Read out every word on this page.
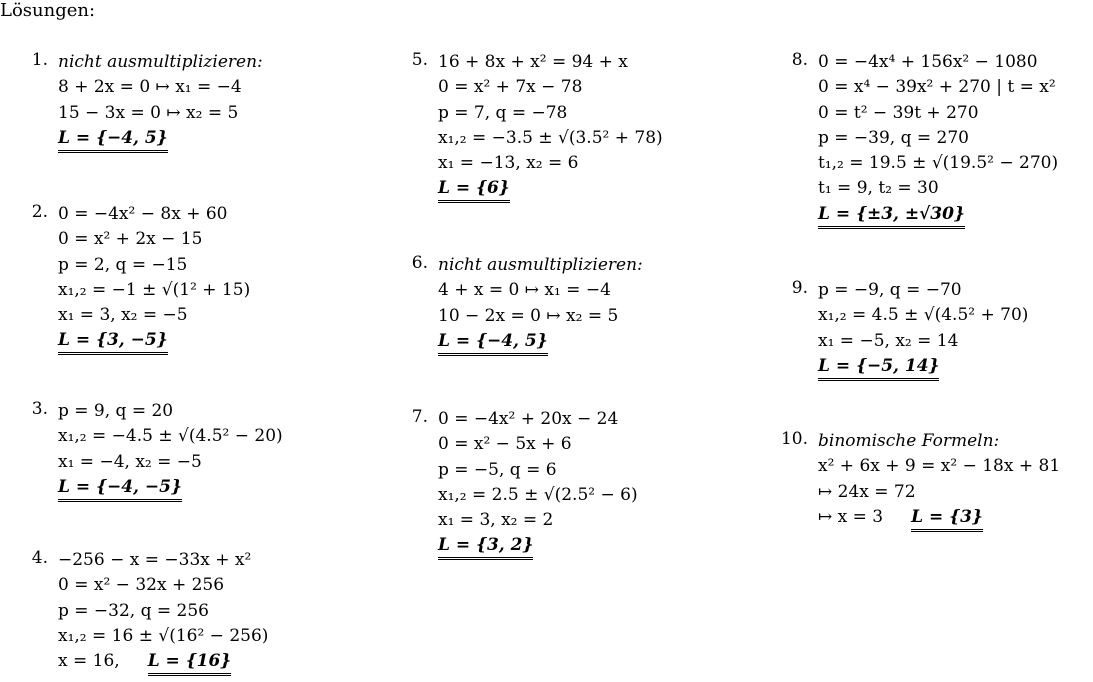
Lösungen:
1. nicht ausmultiplizieren:
8 + 2x = 0 ↦ x₁ = −4
15 − 3x = 0 ↦ x₂ = 5
L = {−4, 5}
2. 0 = −4x² − 8x + 60
0 = x² + 2x − 15
p = 2, q = −15
x₁,₂ = −1 ± √(1² + 15)
x₁ = 3, x₂ = −5
L = {3, −5}
3. p = 9, q = 20
x₁,₂ = −4.5 ± √(4.5² − 20)
x₁ = −4, x₂ = −5
L = {−4, −5}
4. −256 − x = −33x + x²
0 = x² − 32x + 256
p = −32, q = 256
x₁,₂ = 16 ± √(16² − 256)
x = 16, L = {16}
5. 16 + 8x + x² = 94 + x
0 = x² + 7x − 78
p = 7, q = −78
x₁,₂ = −3.5 ± √(3.5² + 78)
x₁ = −13, x₂ = 6
L = {6}
6. nicht ausmultiplizieren:
4 + x = 0 ↦ x₁ = −4
10 − 2x = 0 ↦ x₂ = 5
L = {−4, 5}
7. 0 = −4x² + 20x − 24
0 = x² − 5x + 6
p = −5, q = 6
x₁,₂ = 2.5 ± √(2.5² − 6)
x₁ = 3, x₂ = 2
L = {3, 2}
8. 0 = −4x⁴ + 156x² − 1080
0 = x⁴ − 39x² + 270 | t = x²
0 = t² − 39t + 270
p = −39, q = 270
t₁,₂ = 19.5 ± √(19.5² − 270)
t₁ = 9, t₂ = 30
L = {±3, ±√30}
9. p = −9, q = −70
x₁,₂ = 4.5 ± √(4.5² + 70)
x₁ = −5, x₂ = 14
L = {−5, 14}
10. binomische Formeln:
x² + 6x + 9 = x² − 18x + 81
↦ 24x = 72
↦ x = 3 L = {3}
